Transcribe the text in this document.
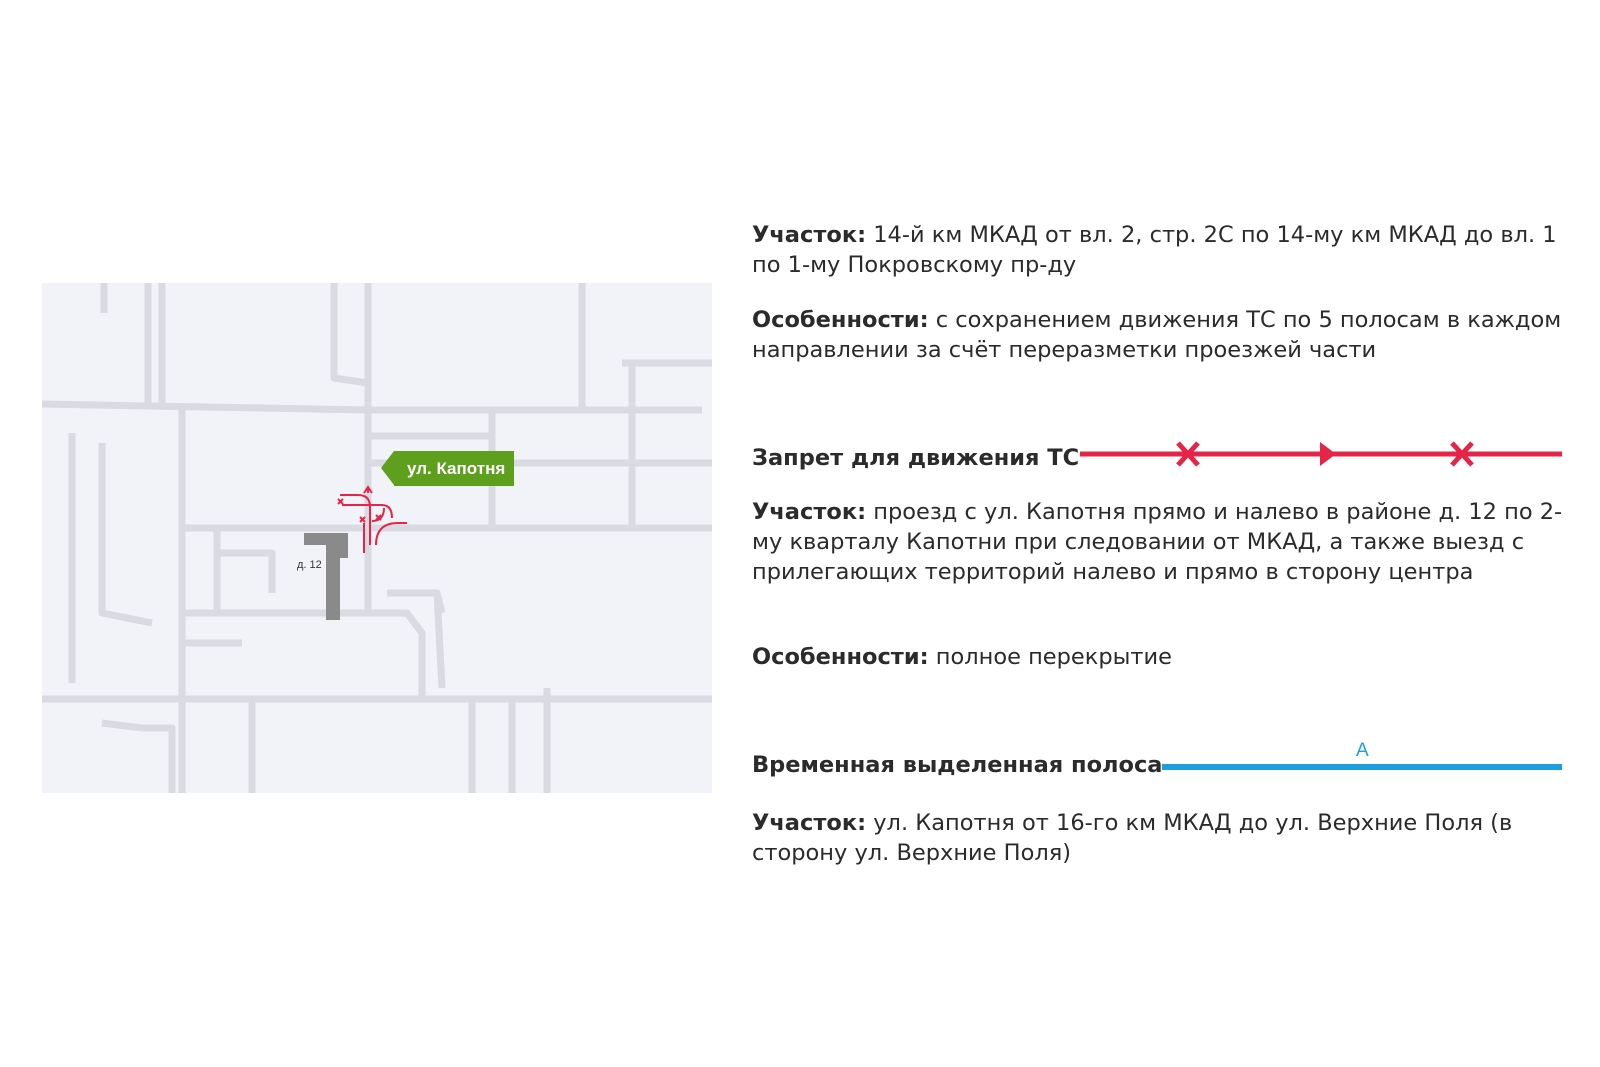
ул. Капотня
д. 12
Участок: 14-й км МКАД от вл. 2, стр. 2С по 14-му км МКАД до вл. 1 по 1-му Покровскому пр-ду
Особенности: с сохранением движения ТС по 5 полосам в каждом направлении за счёт переразметки проезжей части
Запрет для движения ТС
Участок: проезд с ул. Капотня прямо и налево в районе д. 12 по 2-му кварталу Капотни при следовании от МКАД, а также выезд с прилегающих территорий налево и прямо в сторону центра
Особенности: полное перекрытие
Временная выделенная полоса
А
Участок: ул. Капотня от 16-го км МКАД до ул. Верхние Поля (в сторону ул. Верхние Поля)
